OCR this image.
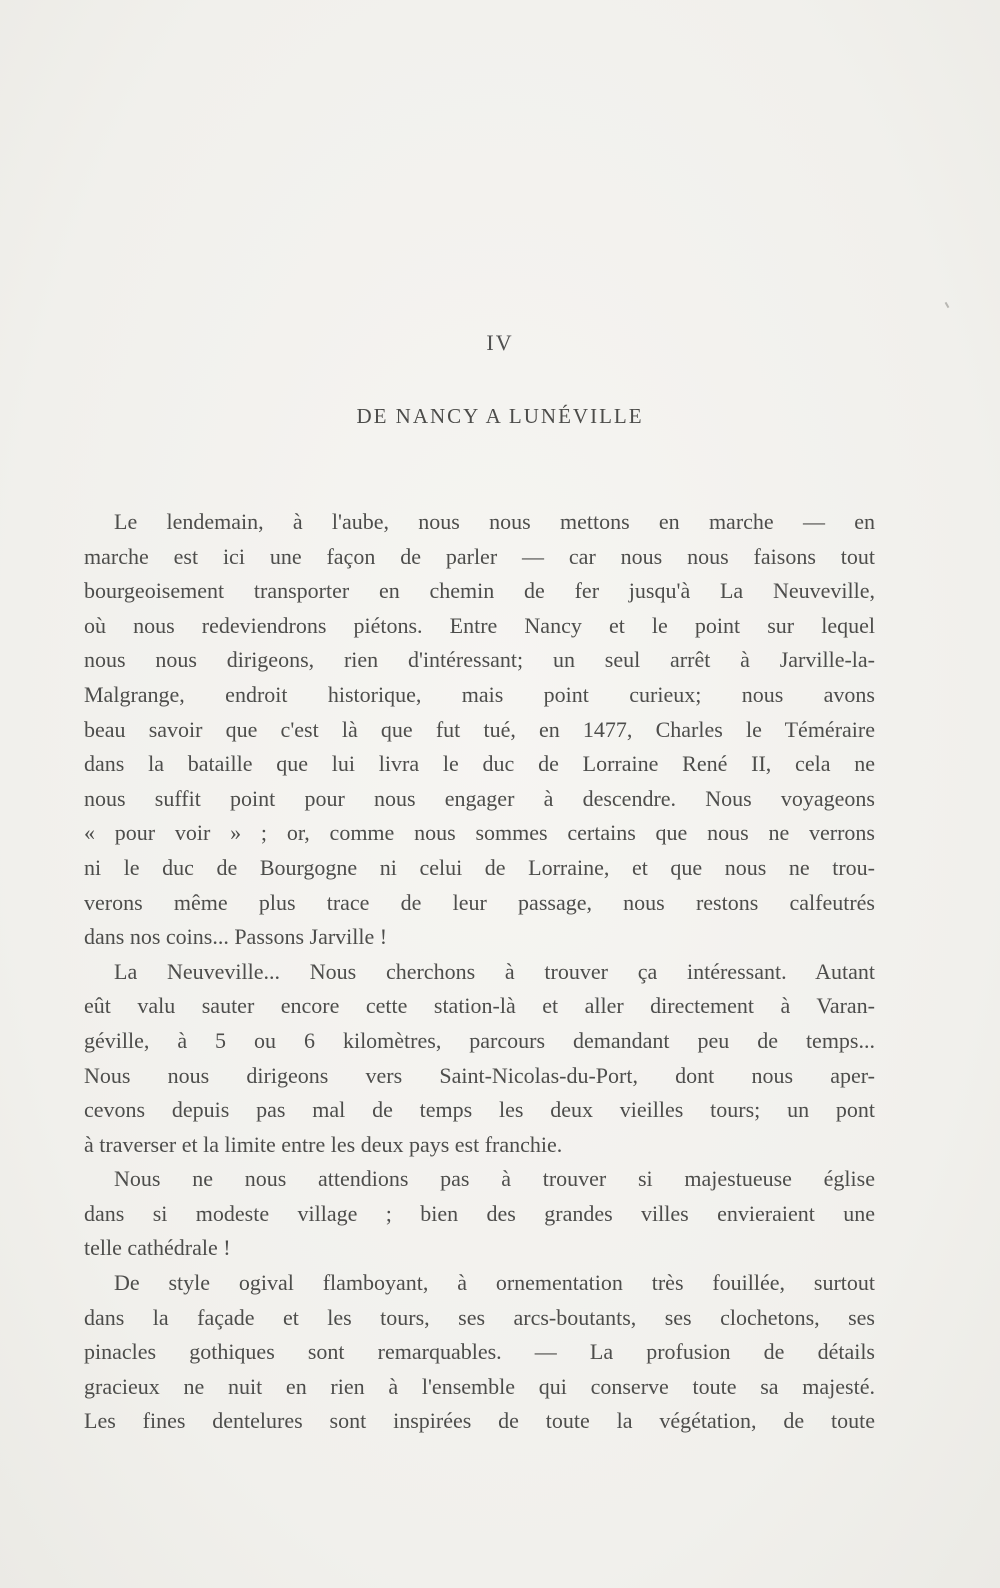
IV
DE NANCY A LUNÉVILLE
Le lendemain, à l'aube, nous nous mettons en marche — en
marche est ici une façon de parler — car nous nous faisons tout
bourgeoisement transporter en chemin de fer jusqu'à La Neuveville,
où nous redeviendrons piétons. Entre Nancy et le point sur lequel
nous nous dirigeons, rien d'intéressant; un seul arrêt à Jarville-la-
Malgrange, endroit historique, mais point curieux; nous avons
beau savoir que c'est là que fut tué, en 1477, Charles le Téméraire
dans la bataille que lui livra le duc de Lorraine René II, cela ne
nous suffit point pour nous engager à descendre. Nous voyageons
« pour voir » ; or, comme nous sommes certains que nous ne verrons
ni le duc de Bourgogne ni celui de Lorraine, et que nous ne trou-
verons même plus trace de leur passage, nous restons calfeutrés
dans nos coins... Passons Jarville !
La Neuveville... Nous cherchons à trouver ça intéressant. Autant
eût valu sauter encore cette station-là et aller directement à Varan-
géville, à 5 ou 6 kilomètres, parcours demandant peu de temps...
Nous nous dirigeons vers Saint-Nicolas-du-Port, dont nous aper-
cevons depuis pas mal de temps les deux vieilles tours; un pont
à traverser et la limite entre les deux pays est franchie.
Nous ne nous attendions pas à trouver si majestueuse église
dans si modeste village ; bien des grandes villes envieraient une
telle cathédrale !
De style ogival flamboyant, à ornementation très fouillée, surtout
dans la façade et les tours, ses arcs-boutants, ses clochetons, ses
pinacles gothiques sont remarquables. — La profusion de détails
gracieux ne nuit en rien à l'ensemble qui conserve toute sa majesté.
Les fines dentelures sont inspirées de toute la végétation, de toute
